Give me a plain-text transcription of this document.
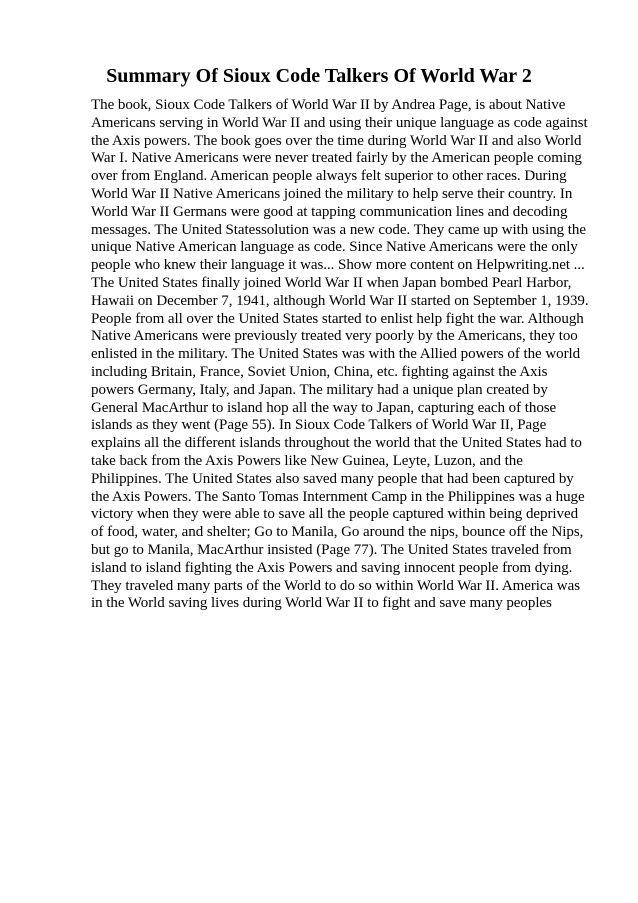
Summary Of Sioux Code Talkers Of World War 2
The book, Sioux Code Talkers of World War II by Andrea Page, is about Native
Americans serving in World War II and using their unique language as code against
the Axis powers. The book goes over the time during World War II and also World
War I. Native Americans were never treated fairly by the American people coming
over from England. American people always felt superior to other races. During
World War II Native Americans joined the military to help serve their country. In
World War II Germans were good at tapping communication lines and decoding
messages. The United Statessolution was a new code. They came up with using the
unique Native American language as code. Since Native Americans were the only
people who knew their language it was... Show more content on Helpwriting.net ...
The United States finally joined World War II when Japan bombed Pearl Harbor,
Hawaii on December 7, 1941, although World War II started on September 1, 1939.
People from all over the United States started to enlist help fight the war. Although
Native Americans were previously treated very poorly by the Americans, they too
enlisted in the military. The United States was with the Allied powers of the world
including Britain, France, Soviet Union, China, etc. fighting against the Axis
powers Germany, Italy, and Japan. The military had a unique plan created by
General MacArthur to island hop all the way to Japan, capturing each of those
islands as they went (Page 55). In Sioux Code Talkers of World War II, Page
explains all the different islands throughout the world that the United States had to
take back from the Axis Powers like New Guinea, Leyte, Luzon, and the
Philippines. The United States also saved many people that had been captured by
the Axis Powers. The Santo Tomas Internment Camp in the Philippines was a huge
victory when they were able to save all the people captured within being deprived
of food, water, and shelter; Go to Manila, Go around the nips, bounce off the Nips,
but go to Manila, MacArthur insisted (Page 77). The United States traveled from
island to island fighting the Axis Powers and saving innocent people from dying.
They traveled many parts of the World to do so within World War II. America was
in the World saving lives during World War II to fight and save many peoples
